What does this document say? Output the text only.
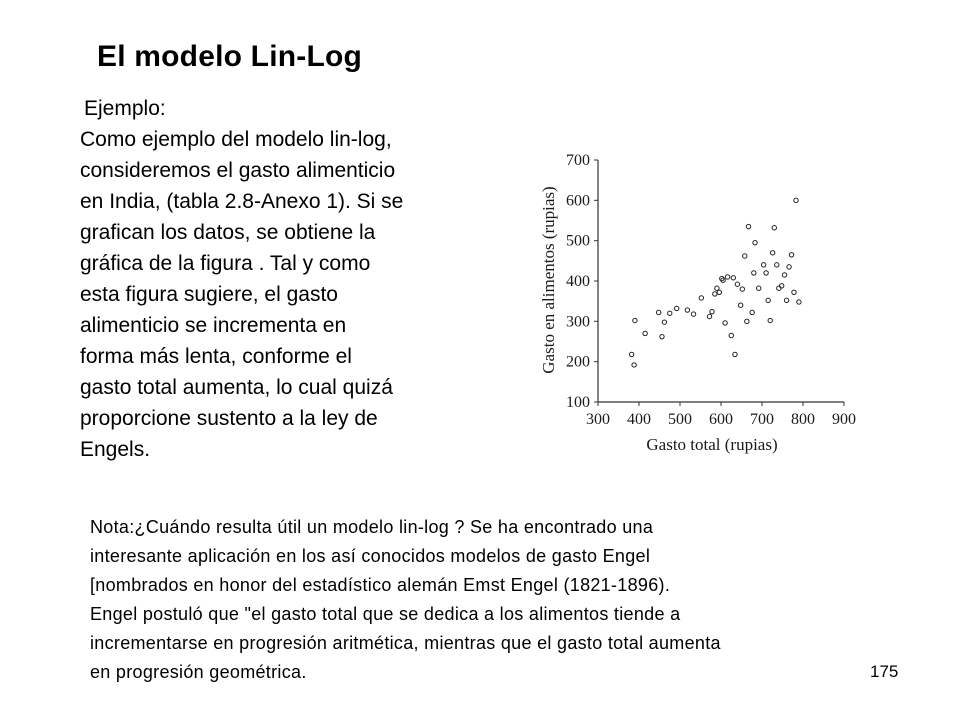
El modelo Lin-Log
Ejemplo:
Como ejemplo del modelo lin-log,
consideremos el gasto alimenticio
en India, (tabla 2.8-Anexo 1). Si se
grafican los datos, se obtiene la
gráfica de la figura . Tal y como
esta figura sugiere, el gasto
alimenticio se incrementa en
forma más lenta, conforme el
gasto total aumenta, lo cual quizá
proporcione sustento a la ley de
Engels.
300 400 500 600 700 800 900
100
200
300
400
500
600
700
Gasto total (rupias)
Gasto en alimentos (rupias)
Nota:¿Cuándo resulta útil un modelo lin-log ? Se ha encontrado una
interesante aplicación en los así conocidos modelos de gasto Engel
[nombrados en honor del estadístico alemán Emst Engel (1821-1896).
Engel postuló que "el gasto total que se dedica a los alimentos tiende a
incrementarse en progresión aritmética, mientras que el gasto total aumenta
en progresión geométrica.	175
